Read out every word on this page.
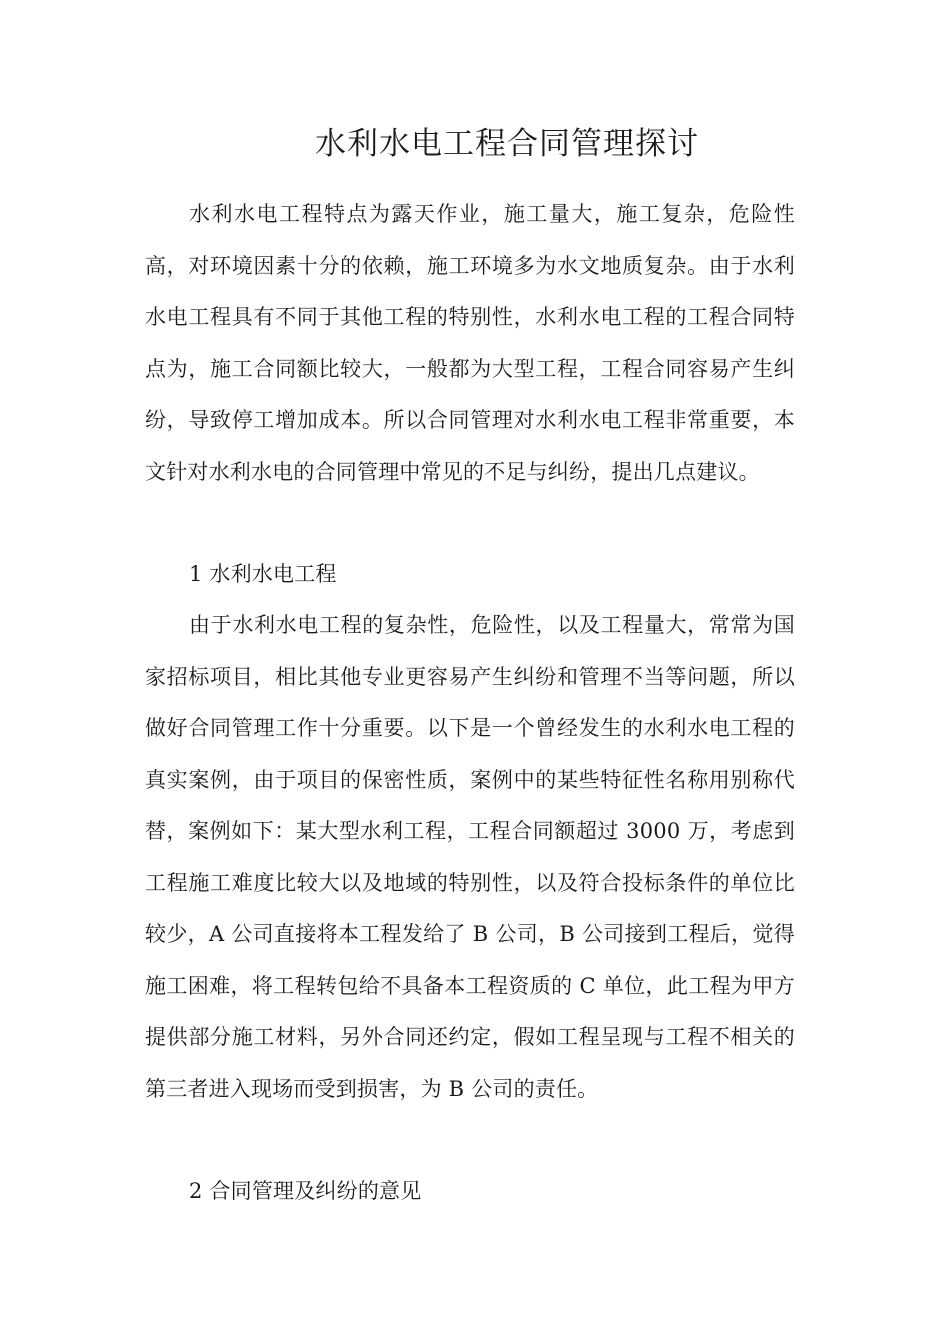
水利水电工程合同管理探讨

水利水电工程特点为露天作业，施工量大，施工复杂，危险性高，对环境因素十分的依赖，施工环境多为水文地质复杂。由于水利水电工程具有不同于其他工程的特别性，水利水电工程的工程合同特点为，施工合同额比较大，一般都为大型工程，工程合同容易产生纠纷，导致停工增加成本。所以合同管理对水利水电工程非常重要，本文针对水利水电的合同管理中常见的不足与纠纷，提出几点建议。

1 水利水电工程

由于水利水电工程的复杂性，危险性，以及工程量大，常常为国家招标项目，相比其他专业更容易产生纠纷和管理不当等问题，所以做好合同管理工作十分重要。以下是一个曾经发生的水利水电工程的真实案例，由于项目的保密性质，案例中的某些特征性名称用别称代替，案例如下：某大型水利工程，工程合同额超过 3000 万，考虑到工程施工难度比较大以及地域的特别性，以及符合投标条件的单位比较少，A 公司直接将本工程发给了 B 公司，B 公司接到工程后，觉得施工困难，将工程转包给不具备本工程资质的 C 单位，此工程为甲方提供部分施工材料，另外合同还约定，假如工程呈现与工程不相关的第三者进入现场而受到损害，为 B 公司的责任。

2 合同管理及纠纷的意见
